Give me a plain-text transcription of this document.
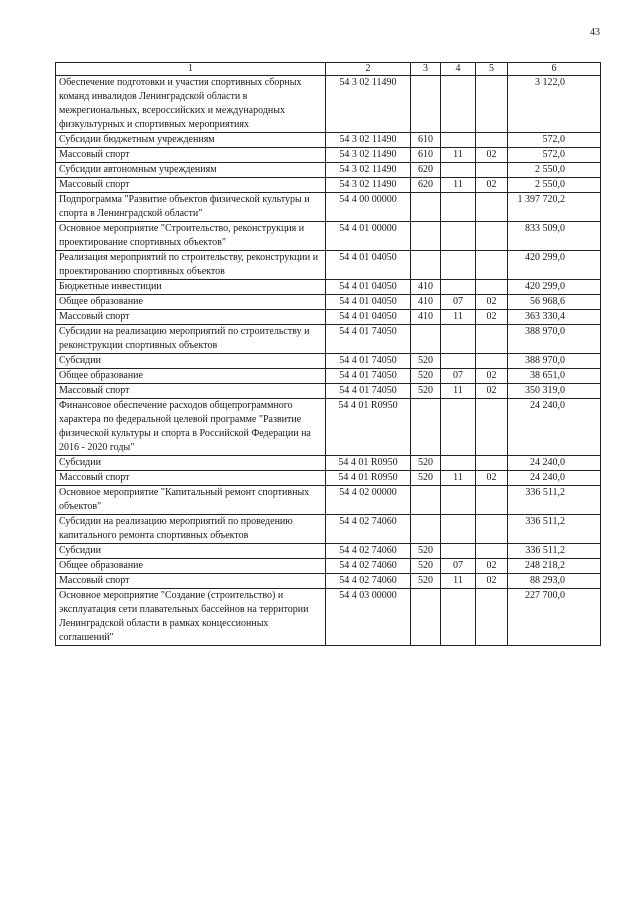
43
1	2	3	4	5	6
Обеспечение подготовки и участия спортивных сборных команд инвалидов Ленинградской области в межрегиональных, всероссийских и международных физкультурных и спортивных мероприятиях	54 3 02 11490				3 122,0
Субсидии бюджетным учреждениям	54 3 02 11490	610			572,0
Массовый спорт	54 3 02 11490	610	11	02	572,0
Субсидии автономным учреждениям	54 3 02 11490	620			2 550,0
Массовый спорт	54 3 02 11490	620	11	02	2 550,0
Подпрограмма "Развитие объектов физической культуры и спорта в Ленинградской области"	54 4 00 00000				1 397 720,2
Основное мероприятие "Строительство, реконструкция и проектирование спортивных объектов"	54 4 01 00000				833 509,0
Реализация мероприятий по строительству, реконструкции и проектированию спортивных объектов	54 4 01 04050				420 299,0
Бюджетные инвестиции	54 4 01 04050	410			420 299,0
Общее образование	54 4 01 04050	410	07	02	56 968,6
Массовый спорт	54 4 01 04050	410	11	02	363 330,4
Субсидии на реализацию мероприятий по строительству и реконструкции спортивных объектов	54 4 01 74050				388 970,0
Субсидии	54 4 01 74050	520			388 970,0
Общее образование	54 4 01 74050	520	07	02	38 651,0
Массовый спорт	54 4 01 74050	520	11	02	350 319,0
Финансовое обеспечение расходов общепрограммного характера по федеральной целевой программе "Развитие физической культуры и спорта в Российской Федерации на 2016 - 2020 годы"	54 4 01 R0950				24 240,0
Субсидии	54 4 01 R0950	520			24 240,0
Массовый спорт	54 4 01 R0950	520	11	02	24 240,0
Основное мероприятие "Капитальный ремонт спортивных объектов"	54 4 02 00000				336 511,2
Субсидии на реализацию мероприятий по проведению капитального ремонта спортивных объектов	54 4 02 74060				336 511,2
Субсидии	54 4 02 74060	520			336 511,2
Общее образование	54 4 02 74060	520	07	02	248 218,2
Массовый спорт	54 4 02 74060	520	11	02	88 293,0
Основное мероприятие "Создание (строительство) и эксплуатация сети плавательных бассейнов на территории Ленинградской области в рамках концессионных соглашений"	54 4 03 00000				227 700,0
